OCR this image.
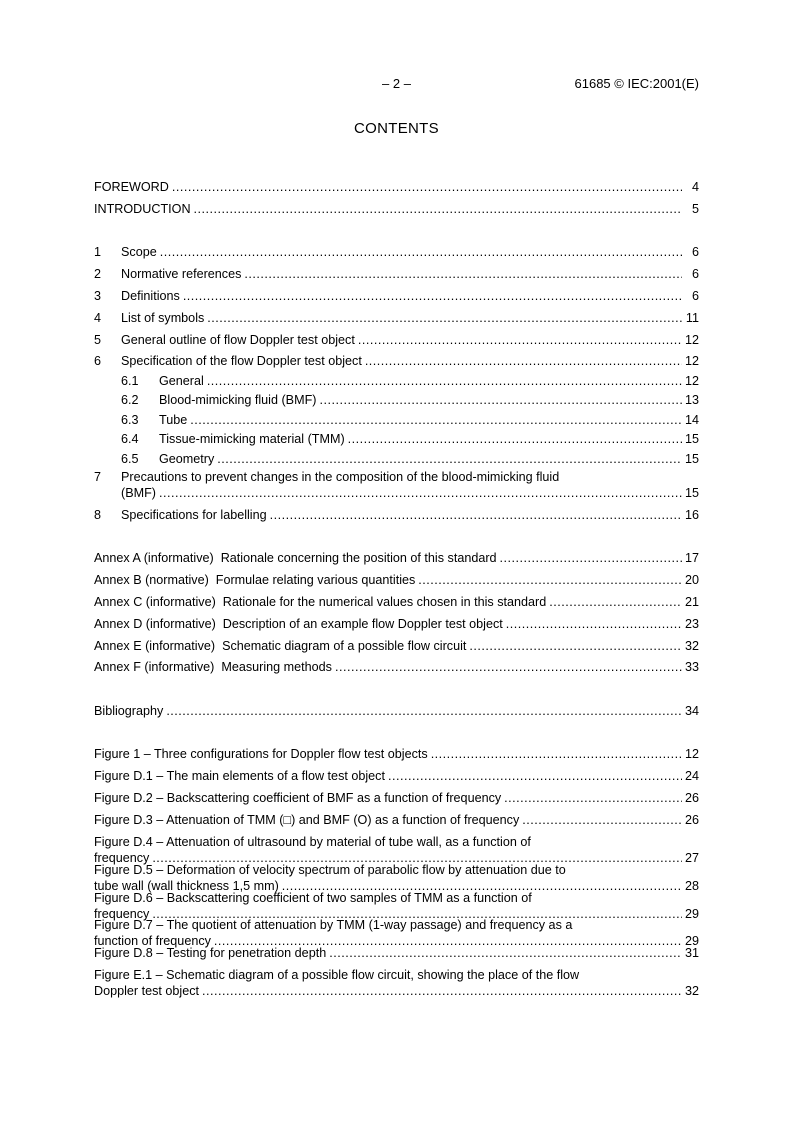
– 2 –	61685 © IEC:2001(E)
CONTENTS
FOREWORD .....	4
INTRODUCTION .....	5
1	Scope .....	6
2	Normative references .....	6
3	Definitions .....	6
4	List of symbols .....	11
5	General outline of flow Doppler test object .....	12
6	Specification of the flow Doppler test object .....	12
6.1	General .....	12
6.2	Blood-mimicking fluid (BMF) .....	13
6.3	Tube .....	14
6.4	Tissue-mimicking material (TMM) .....	15
6.5	Geometry .....	15
7	Precautions to prevent changes in the composition of the blood-mimicking fluid
(BMF) .....	15
8	Specifications for labelling .....	16
Annex A (informative)  Rationale concerning the position of this standard .....	17
Annex B (normative)  Formulae relating various quantities .....	20
Annex C (informative)  Rationale for the numerical values chosen in this standard .....	21
Annex D (informative)  Description of an example flow Doppler test object .....	23
Annex E (informative)  Schematic diagram of a possible flow circuit .....	32
Annex F (informative)  Measuring methods .....	33
Bibliography .....	34
Figure 1 – Three configurations for Doppler flow test objects .....	12
Figure D.1 – The main elements of a flow test object .....	24
Figure D.2 – Backscattering coefficient of BMF as a function of frequency .....	26
Figure D.3 – Attenuation of TMM (□) and BMF (O) as a function of frequency .....	26
Figure D.4 – Attenuation of ultrasound by material of tube wall, as a function of
frequency .....	27
Figure D.5 – Deformation of velocity spectrum of parabolic flow by attenuation due to
tube wall (wall thickness 1,5 mm) .....	28
Figure D.6 – Backscattering coefficient of two samples of TMM as a function of
frequency .....	29
Figure D.7 – The quotient of attenuation by TMM (1-way passage) and frequency as a
function of frequency .....	29
Figure D.8 – Testing for penetration depth .....	31
Figure E.1 – Schematic diagram of a possible flow circuit, showing the place of the flow
Doppler test object .....	32
